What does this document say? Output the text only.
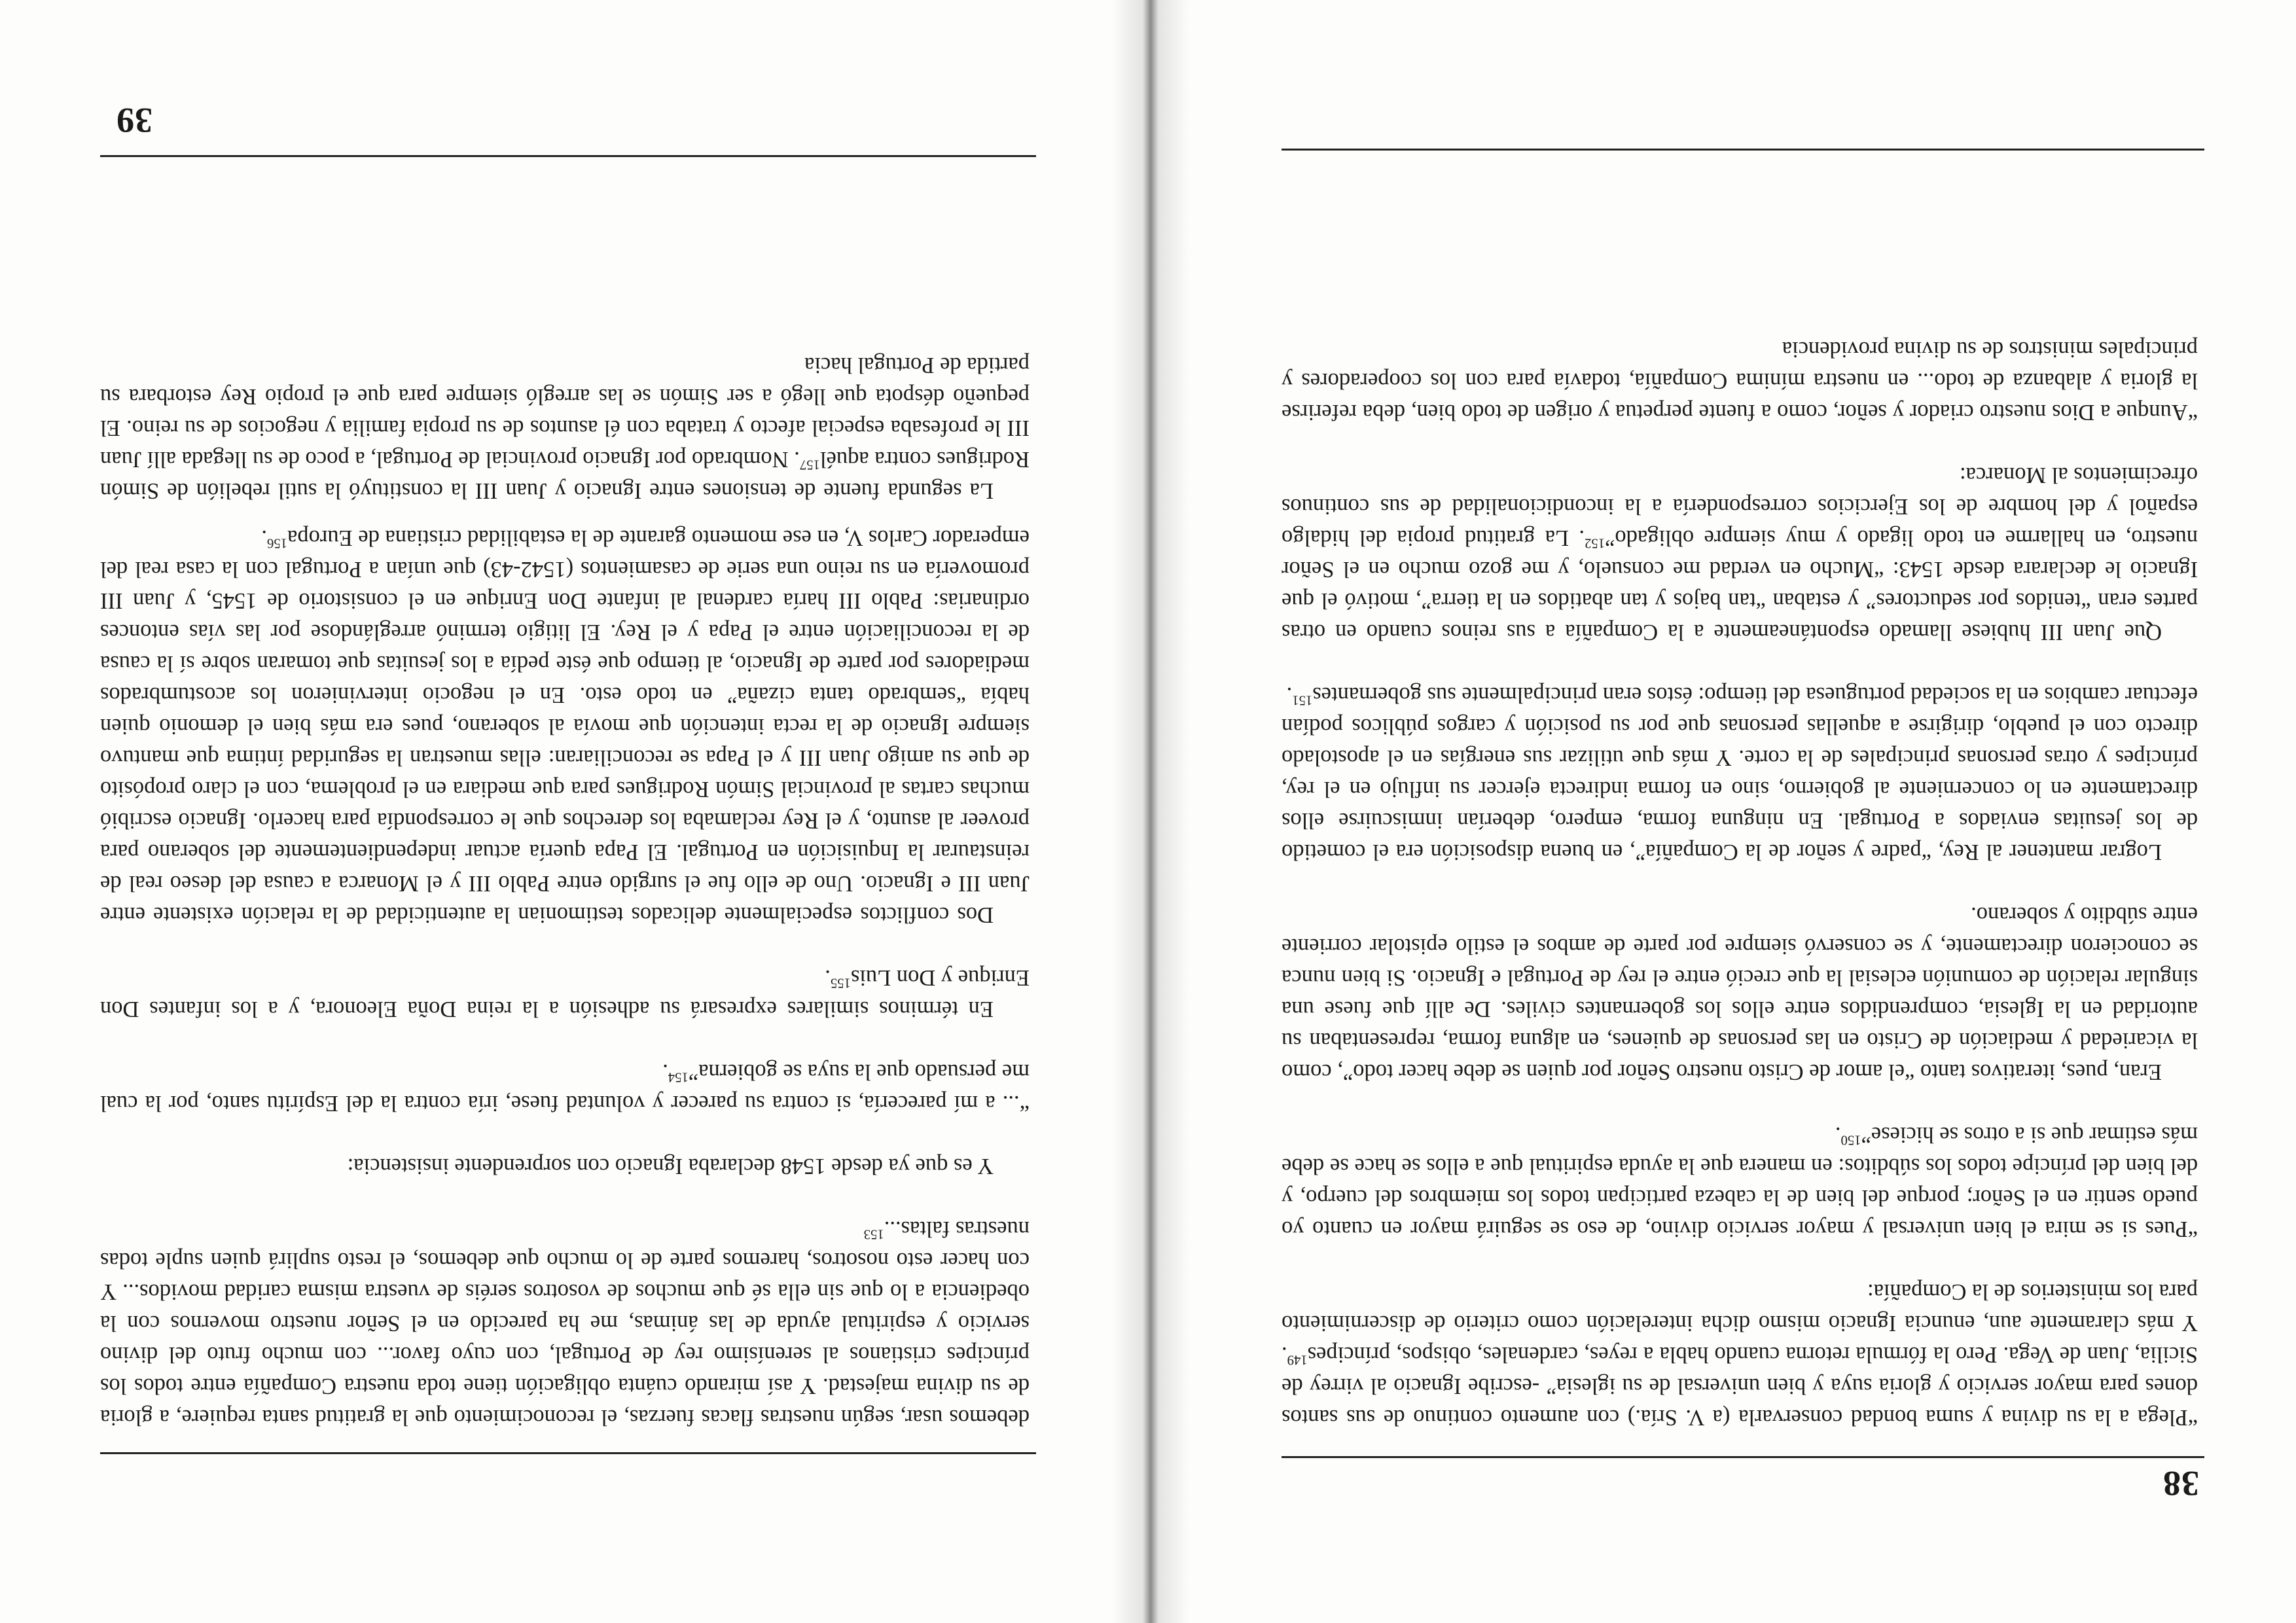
38

“Plega a la su divina y suma bondad conservarla (a V. Sría.) con aumento continuo de sus santos dones para mayor servicio y gloria suya y bien universal de su iglesia” -escribe Ignacio al virrey de Sicilia, Juan de Vega. Pero la fórmula retorna cuando habla a reyes, cardenales, obispos, príncipes$^{149}$. Y más claramente aun, enuncia Ignacio mismo dicha interelación como criterio de discernimiento para los ministerios de la Compañía:

“Pues si se mira el bien universal y mayor servicio divino, de eso se seguirá mayor en cuanto yo puedo sentir en el Señor; porque del bien de la cabeza participan todos los miembros del cuerpo, y del bien del príncipe todos los súbditos: en manera que la ayuda espiritual que a ellos se hace se debe más estimar que si a otros se hiciese”$^{150}$.

Eran, pues, iterativos tanto “el amor de Cristo nuestro Señor por quien se debe hacer todo”, como la vicariedad y mediación de Cristo en las personas de quienes, en alguna forma, representaban su autoridad en la Iglesia, comprendidos entre ellos los gobernantes civiles. De allí que fuese una singular relación de comunión eclesial la que creció entre el rey de Portugal e Ignacio. Si bien nunca se conocieron directamente, y se conservó siempre por parte de ambos el estilo epistolar corriente entre súbdito y soberano.

Lograr mantener al Rey, “padre y señor de la Compañía”, en buena disposición era el cometido de los jesuitas enviados a Portugal. En ninguna forma, empero, deberían inmiscuirse ellos directamente en lo concerniente al gobierno, sino en forma indirecta ejercer su influjo en el rey, príncipes y otras personas principales de la corte. Y más que utilizar sus energías en el apostolado directo con el pueblo, dirigirse a aquellas personas que por su posición y cargos públicos podían efectuar cambios en la sociedad portuguesa del tiempo: éstos eran principalmente sus gobernantes$^{151}$.

Que Juan III hubiese llamado espontáneamente a la Compañía a sus reinos cuando en otras partes eran “tenidos por seductores” y estaban “tan bajos y tan abatidos en la tierra”, motivó el que Ignacio le declarara desde 1543: “Mucho en verdad me consuelo, y me gozo mucho en el Señor nuestro, en hallarme en todo ligado y muy siempre obligado”$^{152}$. La gratitud propia del hidalgo español y del hombre de los Ejercicios correspondería a la incondicionalidad de sus continuos ofrecimientos al Monarca:

“Aunque a Dios nuestro criador y señor, como a fuente perpetua y origen de todo bien, deba referirse la gloria y alabanza de todo... en nuestra mínima Compañía, todavía para con los cooperadores y principales ministros de su divina providencia

39

debemos usar, según nuestras flacas fuerzas, el reconocimiento que la gratitud santa requiere, a gloria de su divina majestad. Y así mirando cuánta obligación tiene toda nuestra Compañía entre todos los príncipes cristianos al serenísimo rey de Portugal, con cuyo favor... con mucho fruto del divino servicio y espiritual ayuda de las ánimas, me ha parecido en el Señor nuestro movernos con la obediencia a lo que sin ella sé que muchos de vosotros seréis de vuestra misma caridad movidos... Y con hacer esto nosotros, haremos parte de lo mucho que debemos, el resto suplirá quien suple todas nuestras faltas...$^{153}$

Y es que ya desde 1548 declaraba Ignacio con sorprendente insistencia:

“... a mí parecería, si contra su parecer y voluntad fuese, iría contra la del Espíritu santo, por la cual me persuado que la suya se gobierna”$^{154}$.

En términos similares expresará su adhesión a la reina Doña Eleonora, y a los infantes Don Enrique y Don Luis$^{155}$.

Dos conflictos especialmente delicados testimonian la autenticidad de la relación existente entre Juan III e Ignacio. Uno de ello fue el surgido entre Pablo III y el Monarca a causa del deseo real de reinstaurar la Inquisición en Portugal. El Papa quería actuar independientemente del soberano para proveer al asunto, y el Rey reclamaba los derechos que le correspondía para hacerlo. Ignacio escribió muchas cartas al provincial Simón Rodrigues para que mediara en el problema, con el claro propósito de que su amigo Juan III y el Papa se reconciliaran: ellas muestran la seguridad íntima que mantuvo siempre Ignacio de la recta intención que movía al soberano, pues era más bien el demonio quien había “sembrado tanta cizaña” en todo esto. En el negocio intervinieron los acostumbrados mediadores por parte de Ignacio, al tiempo que éste pedía a los jesuitas que tomaran sobre sí la causa de la reconciliación entre el Papa y el Rey. El litigio terminó arreglándose por las vías entonces ordinarias: Pablo III haría cardenal al infante Don Enrique en el consistorio de 1545, y Juan III promovería en su reino una serie de casamientos (1542-43) que unían a Portugal con la casa real del emperador Carlos V, en ese momento garante de la estabilidad cristiana de Europa$^{156}$.

La segunda fuente de tensiones entre Ignacio y Juan III la constituyó la sutil rebelión de Simón Rodrigues contra aquél$^{157}$. Nombrado por Ignacio provincial de Portugal, a poco de su llegada allí Juan III le profesaba especial afecto y trataba con él asuntos de su propia familia y negocios de su reino. El pequeño déspota que llegó a ser Simón se las arregló siempre para que el propio Rey estorbara su partida de Portugal hacia
